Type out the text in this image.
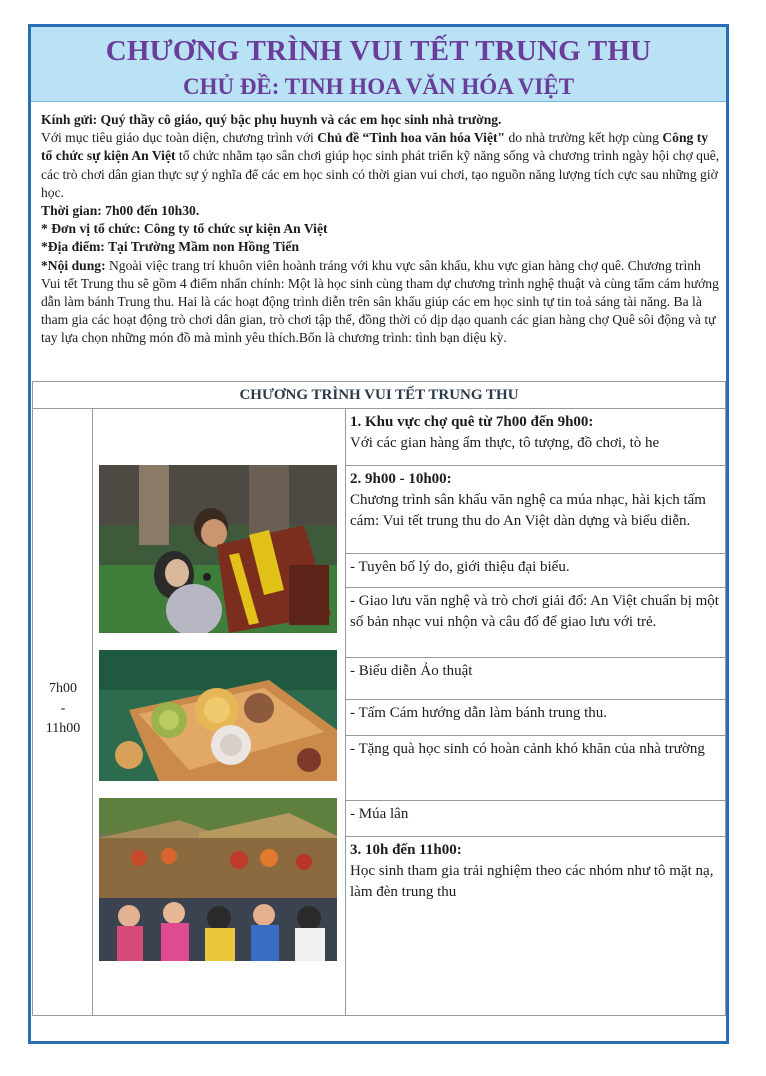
CHƯƠNG TRÌNH VUI TẾT TRUNG THU
CHỦ ĐỀ: TINH HOA VĂN HÓA VIỆT

Kính gửi: Quý thầy cô giáo, quý bậc phụ huynh và các em học sinh nhà trường.

Với mục tiêu giáo dục toàn diện, chương trình với Chủ đề “Tinh hoa văn hóa Việt" do nhà trường kết hợp cùng Công ty tổ chức sự kiện An Việt tổ chức nhằm tạo sân chơi giúp học sinh phát triển kỹ năng sống và chương trình ngày hội chợ quê, các trò chơi dân gian thực sự ý nghĩa để các em học sinh có thời gian vui chơi, tạo nguồn năng lượng tích cực sau những giờ học.

Thời gian: 7h00 đến 10h30.

* Đơn vị tổ chức: Công ty tổ chức sự kiện An Việt

*Địa điểm: Tại Trường Mầm non Hồng Tiến

*Nội dung: Ngoài việc trang trí khuôn viên hoành tráng với khu vực sân khấu, khu vực gian hàng chợ quê. Chương trình Vui tết Trung thu sẽ gồm 4 điểm nhấn chính: Một là học sinh cùng tham dự chương trình nghệ thuật và cùng tấm cám hướng dẫn làm bánh Trung thu. Hai là các hoạt động trình diễn trên sân khấu giúp các em học sinh tự tin toả sáng tài năng. Ba là tham gia các hoạt động trò chơi dân gian, trò chơi tập thể, đồng thời có dịp dạo quanh các gian hàng chợ Quê sôi động và tự tay lựa chọn những món đồ mà mình yêu thích.Bốn là chương trình: tình bạn diệu kỳ.

CHƯƠNG TRÌNH VUI TẾT TRUNG THU
7h00
-
11h00
1. Khu vực chợ quê từ 7h00 đến 9h00:
Với các gian hàng ẩm thực, tô tượng, đồ chơi, tò he
2. 9h00 - 10h00:
Chương trình sân khấu văn nghệ ca múa nhạc, hài kịch tấm cám: Vui tết trung thu do An Việt dàn dựng và biểu diễn.
- Tuyên bố lý do, giới thiệu đại biểu.
- Giao lưu văn nghệ và trò chơi giải đố: An Việt chuẩn bị một số bản nhạc vui nhộn và câu đố để giao lưu với trẻ.
- Biểu diễn Ảo thuật
- Tấm Cám hướng dẫn làm bánh trung thu.
- Tặng quà học sinh có hoàn cảnh khó khăn của nhà trường
- Múa lân
3. 10h đến 11h00:
Học sinh tham gia trải nghiệm theo các nhóm như tô mặt nạ, làm đèn trung thu
